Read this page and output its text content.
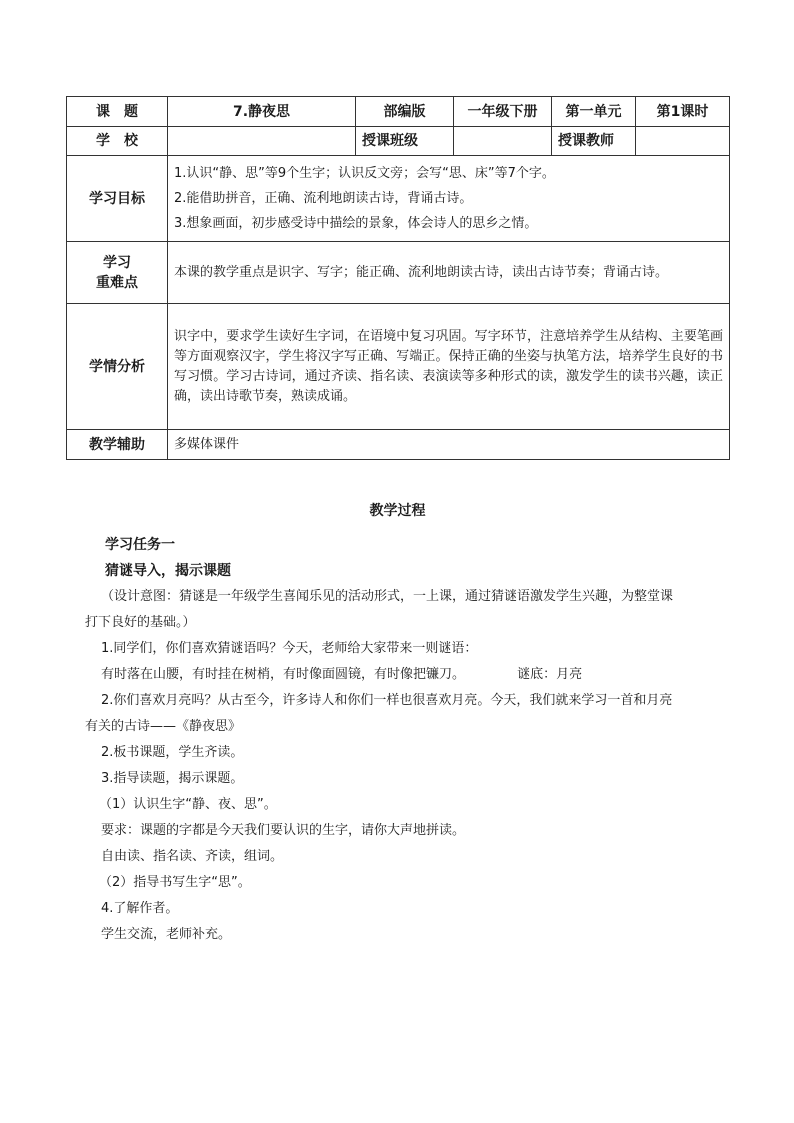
课　题	7.静夜思	部编版	一年级下册	第一单元	第1课时
学　校		授课班级		授课教师	
学习目标	1.认识“静、思”等9个生字；认识反文旁；会写“思、床”等7个字。
2.能借助拼音，正确、流利地朗读古诗，背诵古诗。
3.想象画面，初步感受诗中描绘的景象，体会诗人的思乡之情。				

学习
重难点	本课的教学重点是识字、写字；能正确、流利地朗读古诗，读出古诗节奏；背诵古诗。				
学情分析	识字中，要求学生读好生字词，在语境中复习巩固。写字环节，注意培养学生从结构、主要笔画等方面观察汉字，学生将汉字写正确、写端正。保持正确的坐姿与执笔方法，培养学生良好的书写习惯。学习古诗词，通过齐读、指名读、表演读等多种形式的读，激发学生的读书兴趣，读正确，读出诗歌节奏，熟读成诵。				
教学辅助	多媒体课件				
教学过程
学习任务一
猜谜导入，揭示课题
（设计意图：猜谜是一年级学生喜闻乐见的活动形式，一上课，通过猜谜语激发学生兴趣，为整堂课
打下良好的基础。）
1.同学们，你们喜欢猜谜语吗？今天，老师给大家带来一则谜语：
有时落在山腰，有时挂在树梢，有时像面圆镜，有时像把镰刀。	谜底：月亮
2.你们喜欢月亮吗？从古至今，许多诗人和你们一样也很喜欢月亮。今天，我们就来学习一首和月亮
有关的古诗——《静夜思》
2.板书课题，学生齐读。
3.指导读题，揭示课题。
（1）认识生字“静、夜、思”。
要求：课题的字都是今天我们要认识的生字，请你大声地拼读。
自由读、指名读、齐读，组词。
（2）指导书写生字“思”。
4.了解作者。
学生交流，老师补充。
